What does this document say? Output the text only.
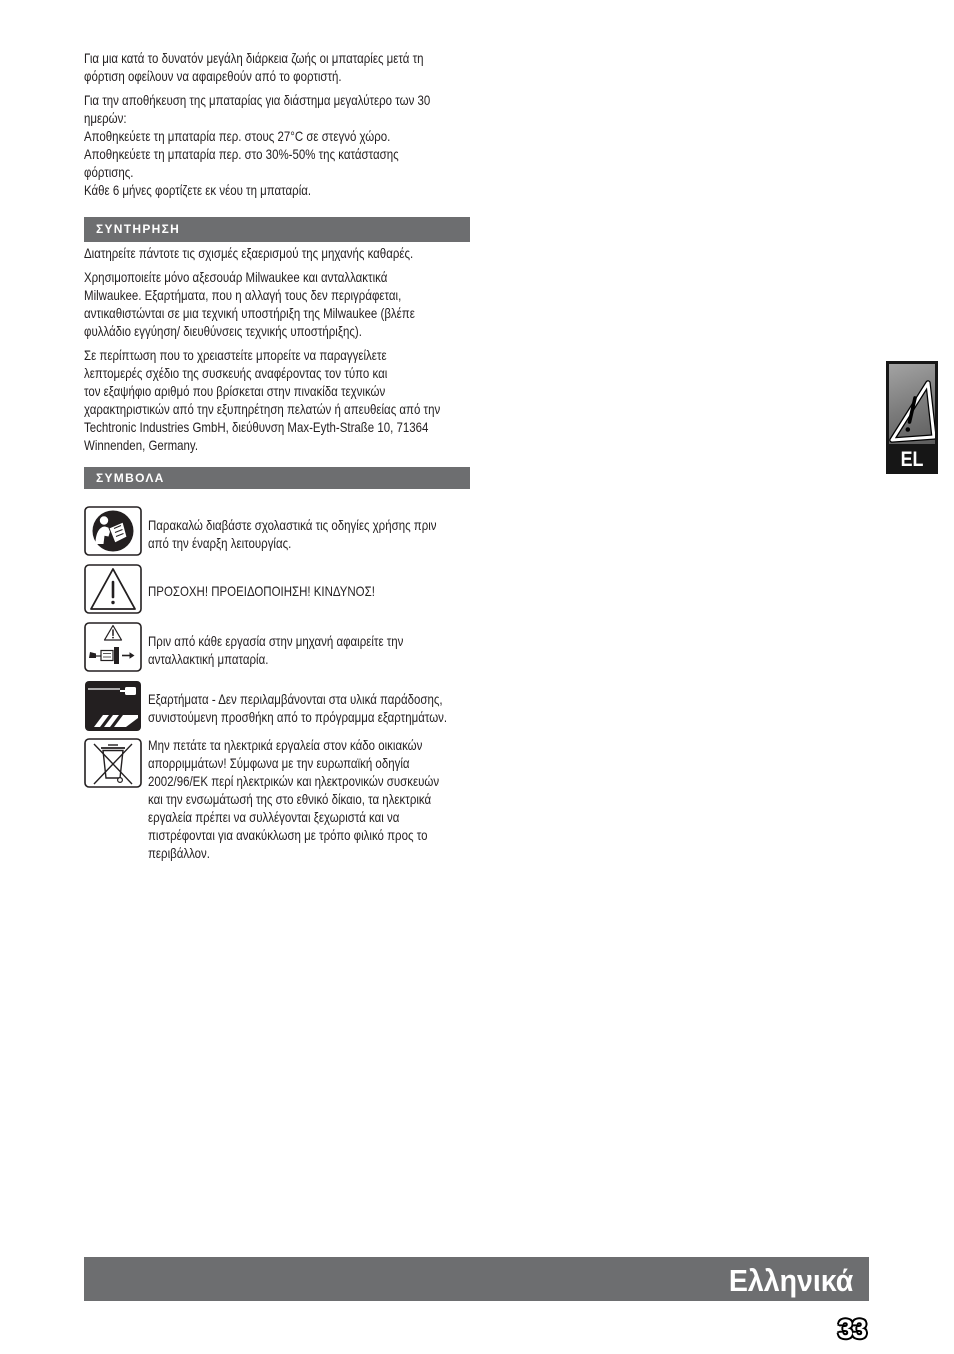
Για μια κατά το δυνατόν μεγάλη διάρκεια ζωής οι μπαταρίες μετά τη
φόρτιση οφείλουν να αφαιρεθούν από το φορτιστή.
Για την αποθήκευση της μπαταρίας για διάστημα μεγαλύτερο των 30
ημερών:
Αποθηκεύετε τη μπαταρία περ. στους 27°C σε στεγνό χώρο.
Αποθηκεύετε τη μπαταρία περ. στο 30%-50% της κατάστασης
φόρτισης.
Κάθε 6 μήνες φορτίζετε εκ νέου τη μπαταρία.
ΣΥΝΤΗΡΗΣΗ
Διατηρείτε πάντοτε τις σχισμές εξαερισμού της μηχανής καθαρές.
Χρησιμοποιείτε μόνο αξεσουάρ Milwaukee και ανταλλακτικά
Milwaukee. Εξαρτήματα, που η αλλαγή τους δεν περιγράφεται,
αντικαθιστώνται σε μια τεχνική υποστήριξη της Milwaukee (βλέπε
φυλλάδιο εγγύηση/ διευθύνσεις τεχνικής υποστήριξης).
Σε περίπτωση που το χρειαστείτε μπορείτε να παραγγείλετε
λεπτομερές σχέδιο της συσκευής αναφέροντας τον τύπο και
τον εξαψήφιο αριθμό που βρίσκεται στην πινακίδα τεχνικών
χαρακτηριστικών από την εξυπηρέτηση πελατών ή απευθείας από την
Techtronic Industries GmbH, διεύθυνση Max-Eyth-Straße 10, 71364
Winnenden, Germany.
ΣΥΜΒΟΛΑ
Παρακαλώ διαβάστε σχολαστικά τις οδηγίες χρήσης πριν
από την έναρξη λειτουργίας.
ΠΡΟΣΟΧΗ! ΠΡΟΕΙΔΟΠΟΙΗΣΗ! ΚΙΝΔΥΝΟΣ!
Πριν από κάθε εργασία στην μηχανή αφαιρείτε την
ανταλλακτική μπαταρία.
Εξαρτήματα - Δεν περιλαμβάνονται στα υλικά παράδοσης,
συνιστούμενη προσθήκη από το πρόγραμμα εξαρτημάτων.
Μην πετάτε τα ηλεκτρικά εργαλεία στον κάδο οικιακών
απορριμμάτων! Σύμφωνα με την ευρωπαϊκή οδηγία
2002/96/ΕΚ περί ηλεκτρικών και ηλεκτρονικών συσκευών
και την ενσωμάτωσή της στο εθνικό δίκαιο, τα ηλεκτρικά
εργαλεία πρέπει να συλλέγονται ξεχωριστά και να
πιστρέφονται για ανακύκλωση με τρόπο φιλικό προς το
περιβάλλον.
EL
Ελληνικά
33
